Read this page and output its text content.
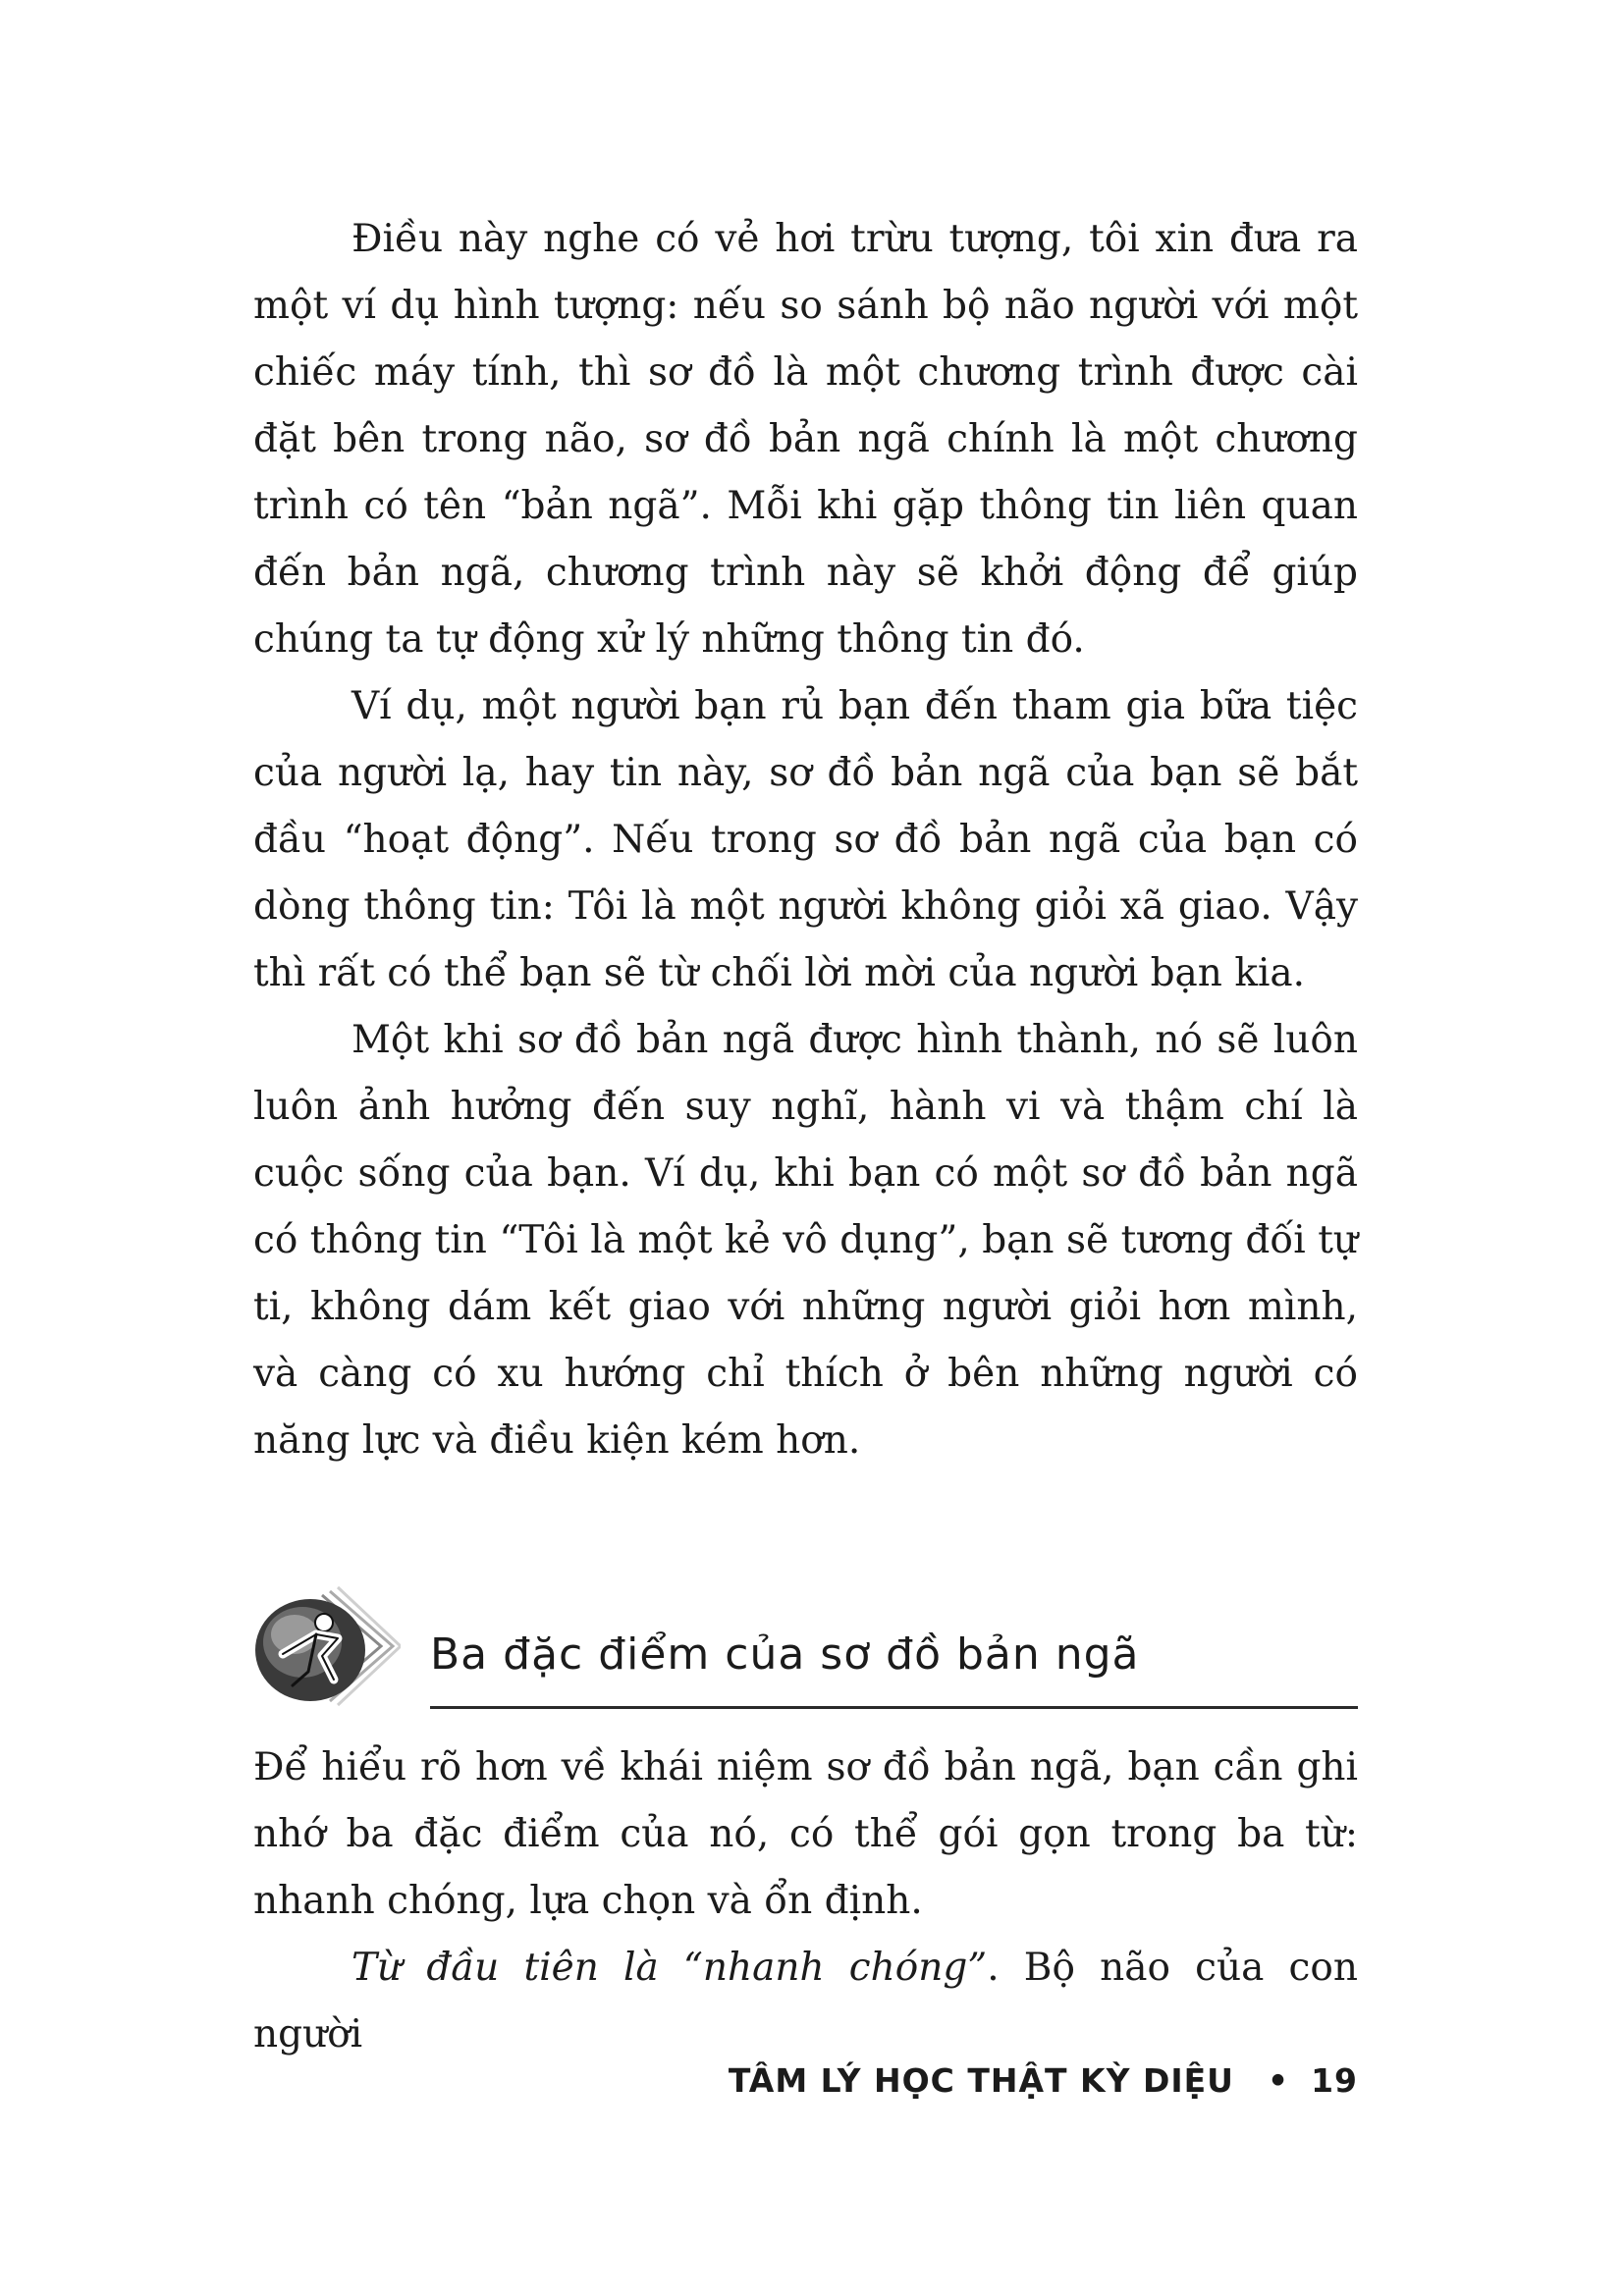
Điều này nghe có vẻ hơi trừu tượng, tôi xin đưa ra một ví dụ hình tượng: nếu so sánh bộ não người với một chiếc máy tính, thì sơ đồ là một chương trình được cài đặt bên trong não, sơ đồ bản ngã chính là một chương trình có tên “bản ngã”. Mỗi khi gặp thông tin liên quan đến bản ngã, chương trình này sẽ khởi động để giúp chúng ta tự động xử lý những thông tin đó.

Ví dụ, một người bạn rủ bạn đến tham gia bữa tiệc của người lạ, hay tin này, sơ đồ bản ngã của bạn sẽ bắt đầu “hoạt động”. Nếu trong sơ đồ bản ngã của bạn có dòng thông tin: Tôi là một người không giỏi xã giao. Vậy thì rất có thể bạn sẽ từ chối lời mời của người bạn kia.

Một khi sơ đồ bản ngã được hình thành, nó sẽ luôn luôn ảnh hưởng đến suy nghĩ, hành vi và thậm chí là cuộc sống của bạn. Ví dụ, khi bạn có một sơ đồ bản ngã có thông tin “Tôi là một kẻ vô dụng”, bạn sẽ tương đối tự ti, không dám kết giao với những người giỏi hơn mình, và càng có xu hướng chỉ thích ở bên những người có năng lực và điều kiện kém hơn.

Ba đặc điểm của sơ đồ bản ngã

Để hiểu rõ hơn về khái niệm sơ đồ bản ngã, bạn cần ghi nhớ ba đặc điểm của nó, có thể gói gọn trong ba từ: nhanh chóng, lựa chọn và ổn định.

Từ đầu tiên là “nhanh chóng”. Bộ não của con người

TÂM LÝ HỌC THẬT KỲ DIỆU • 19
